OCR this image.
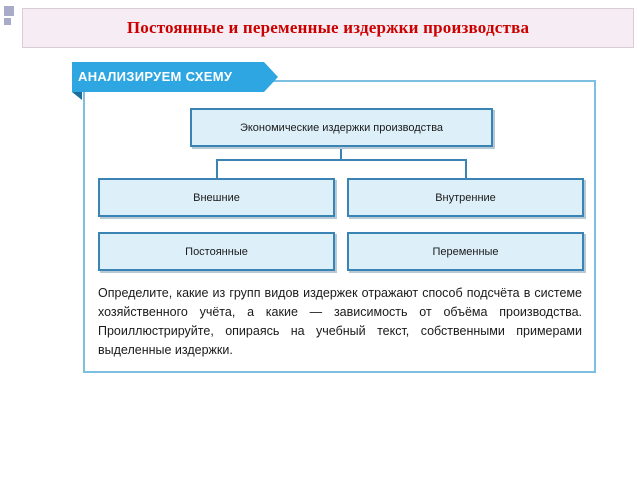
Постоянные и переменные издержки производства
АНАЛИЗИРУЕМ СХЕМУ
Экономические издержки производства
Внешние	Внутренние
Постоянные	Переменные
Определите, какие из групп видов издержек отражают способ подсчёта в системе хозяйственного учёта, а какие — зависимость от объёма производства. Проиллюстрируйте, опираясь на учебный текст, собственными примерами выделенные издержки.
